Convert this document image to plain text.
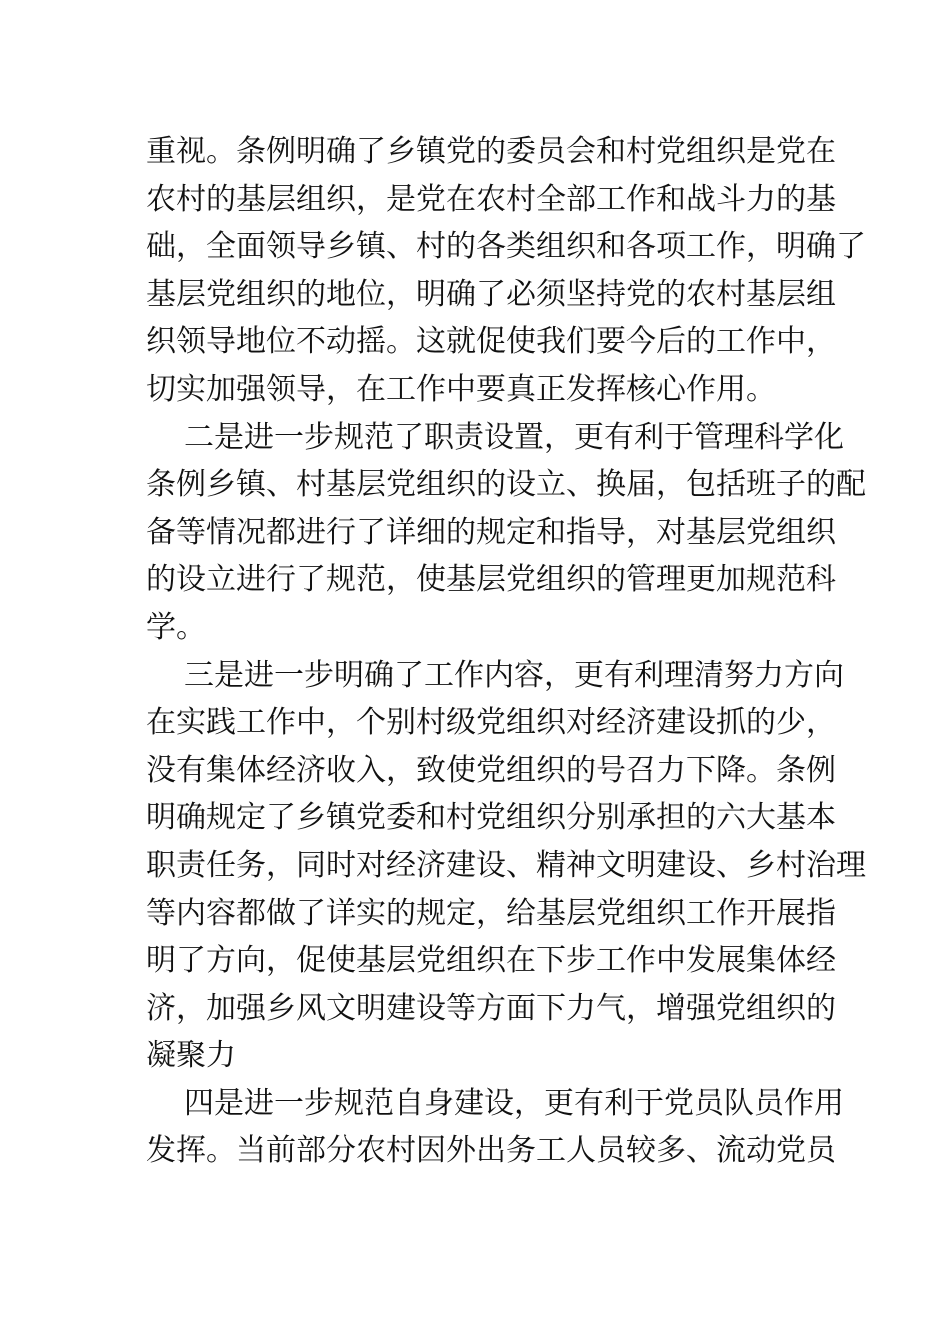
重视。条例明确了乡镇党的委员会和村党组织是党在
农村的基层组织，是党在农村全部工作和战斗力的基
础，全面领导乡镇、村的各类组织和各项工作，明确了
基层党组织的地位，明确了必须坚持党的农村基层组
织领导地位不动摇。这就促使我们要今后的工作中，
切实加强领导，在工作中要真正发挥核心作用。
二是进一步规范了职责设置，更有利于管理科学化
条例乡镇、村基层党组织的设立、换届，包括班子的配
备等情况都进行了详细的规定和指导，对基层党组织
的设立进行了规范，使基层党组织的管理更加规范科
学。
三是进一步明确了工作内容，更有利理清努力方向
在实践工作中，个别村级党组织对经济建设抓的少，
没有集体经济收入，致使党组织的号召力下降。条例
明确规定了乡镇党委和村党组织分别承担的六大基本
职责任务，同时对经济建设、精神文明建设、乡村治理
等内容都做了详实的规定，给基层党组织工作开展指
明了方向，促使基层党组织在下步工作中发展集体经
济，加强乡风文明建设等方面下力气，增强党组织的
凝聚力
四是进一步规范自身建设，更有利于党员队员作用
发挥。当前部分农村因外出务工人员较多、流动党员
